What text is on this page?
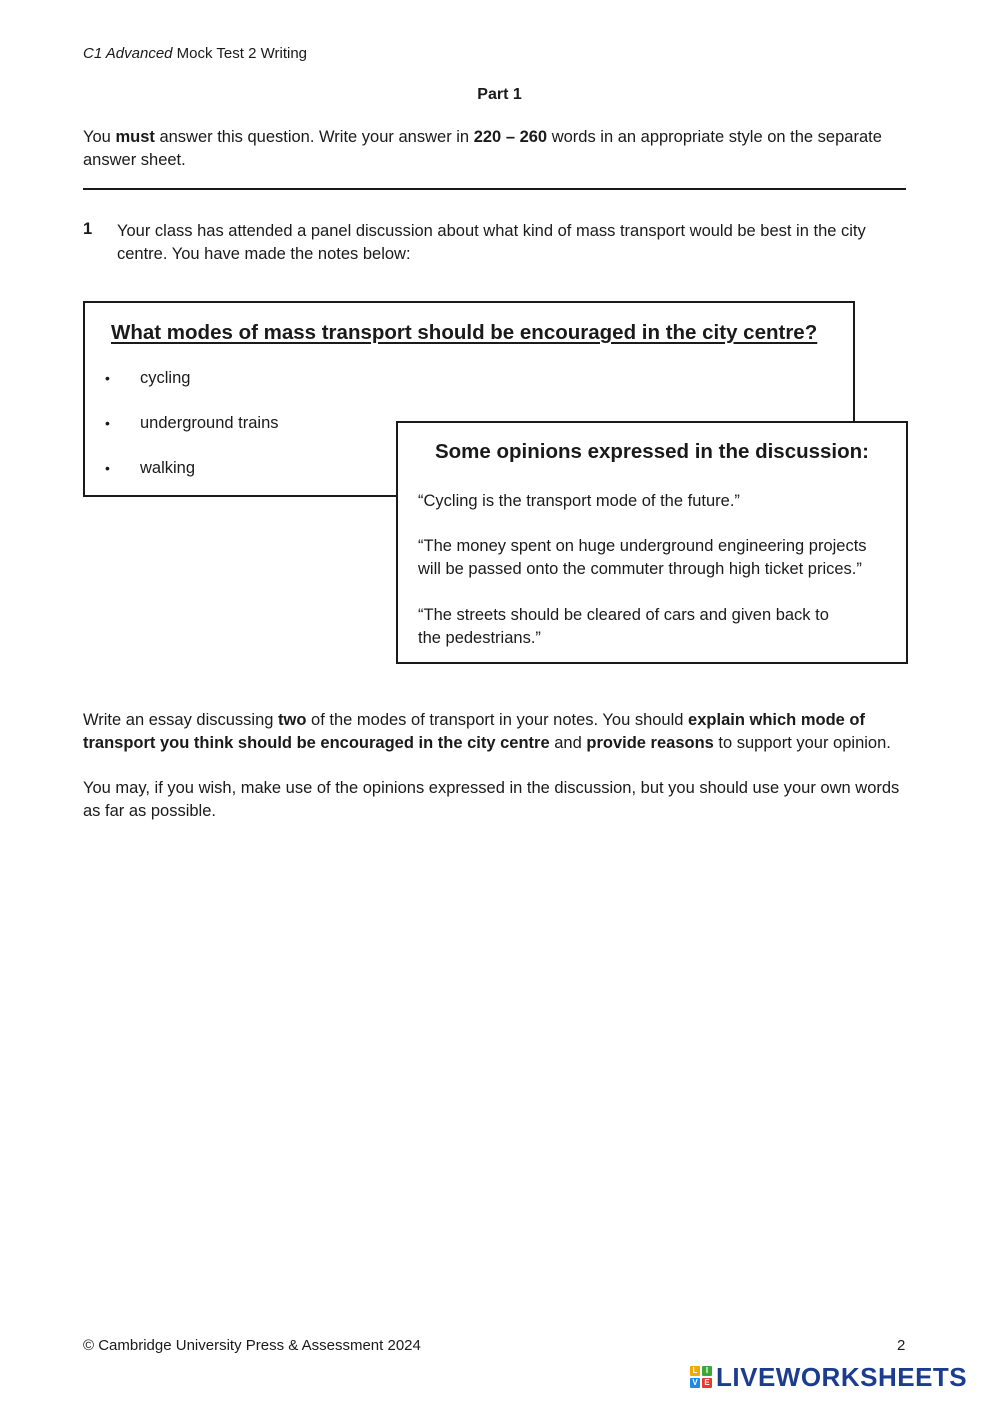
C1 Advanced Mock Test 2 Writing
Part 1
You must answer this question. Write your answer in 220 – 260 words in an appropriate style on the separate answer sheet.
1 Your class has attended a panel discussion about what kind of mass transport would be best in the city centre. You have made the notes below:
What modes of mass transport should be encouraged in the city centre?
•	cycling
•	underground trains
•	walking
Some opinions expressed in the discussion:
“Cycling is the transport mode of the future.”
“The money spent on huge underground engineering projects will be passed onto the commuter through high ticket prices.”
“The streets should be cleared of cars and given back to the pedestrians.”
Write an essay discussing two of the modes of transport in your notes. You should explain which mode of transport you think should be encouraged in the city centre and provide reasons to support your opinion.
You may, if you wish, make use of the opinions expressed in the discussion, but you should use your own words as far as possible.
© Cambridge University Press & Assessment 2024	2
L	I
V E LIVEWORKSHEETS
